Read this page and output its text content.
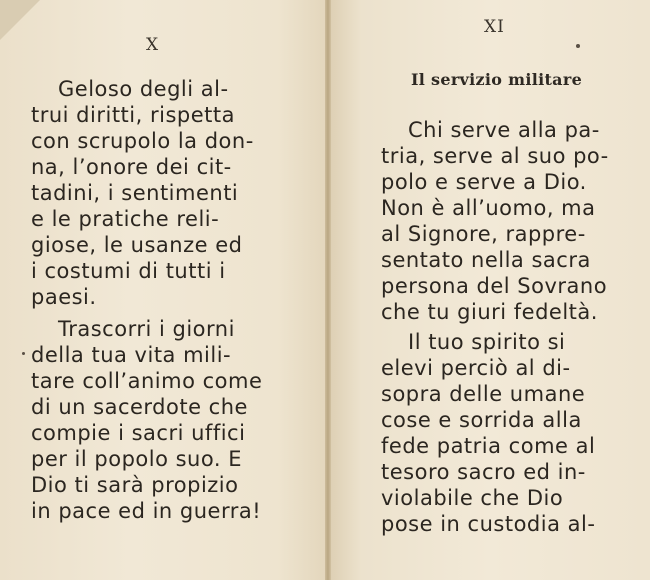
X
XI
Il servizio militare
Geloso degli al-
trui diritti, rispetta
con scrupolo la don-
na, l’onore dei cit-
tadini, i sentimenti
e le pratiche reli-
giose, le usanze ed
i costumi di tutti i
paesi.
Trascorri i giorni
della tua vita mili-
tare coll’animo come
di un sacerdote che
compie i sacri uffici
per il popolo suo. E
Dio ti sarà propizio
in pace ed in guerra!
Chi serve alla pa-
tria, serve al suo po-
polo e serve a Dio.
Non è all’uomo, ma
al Signore, rappre-
sentato nella sacra
persona del Sovrano
che tu giuri fedeltà.
Il tuo spirito si
elevi perciò al di-
sopra delle umane
cose e sorrida alla
fede patria come al
tesoro sacro ed in-
violabile che Dio
pose in custodia al-
